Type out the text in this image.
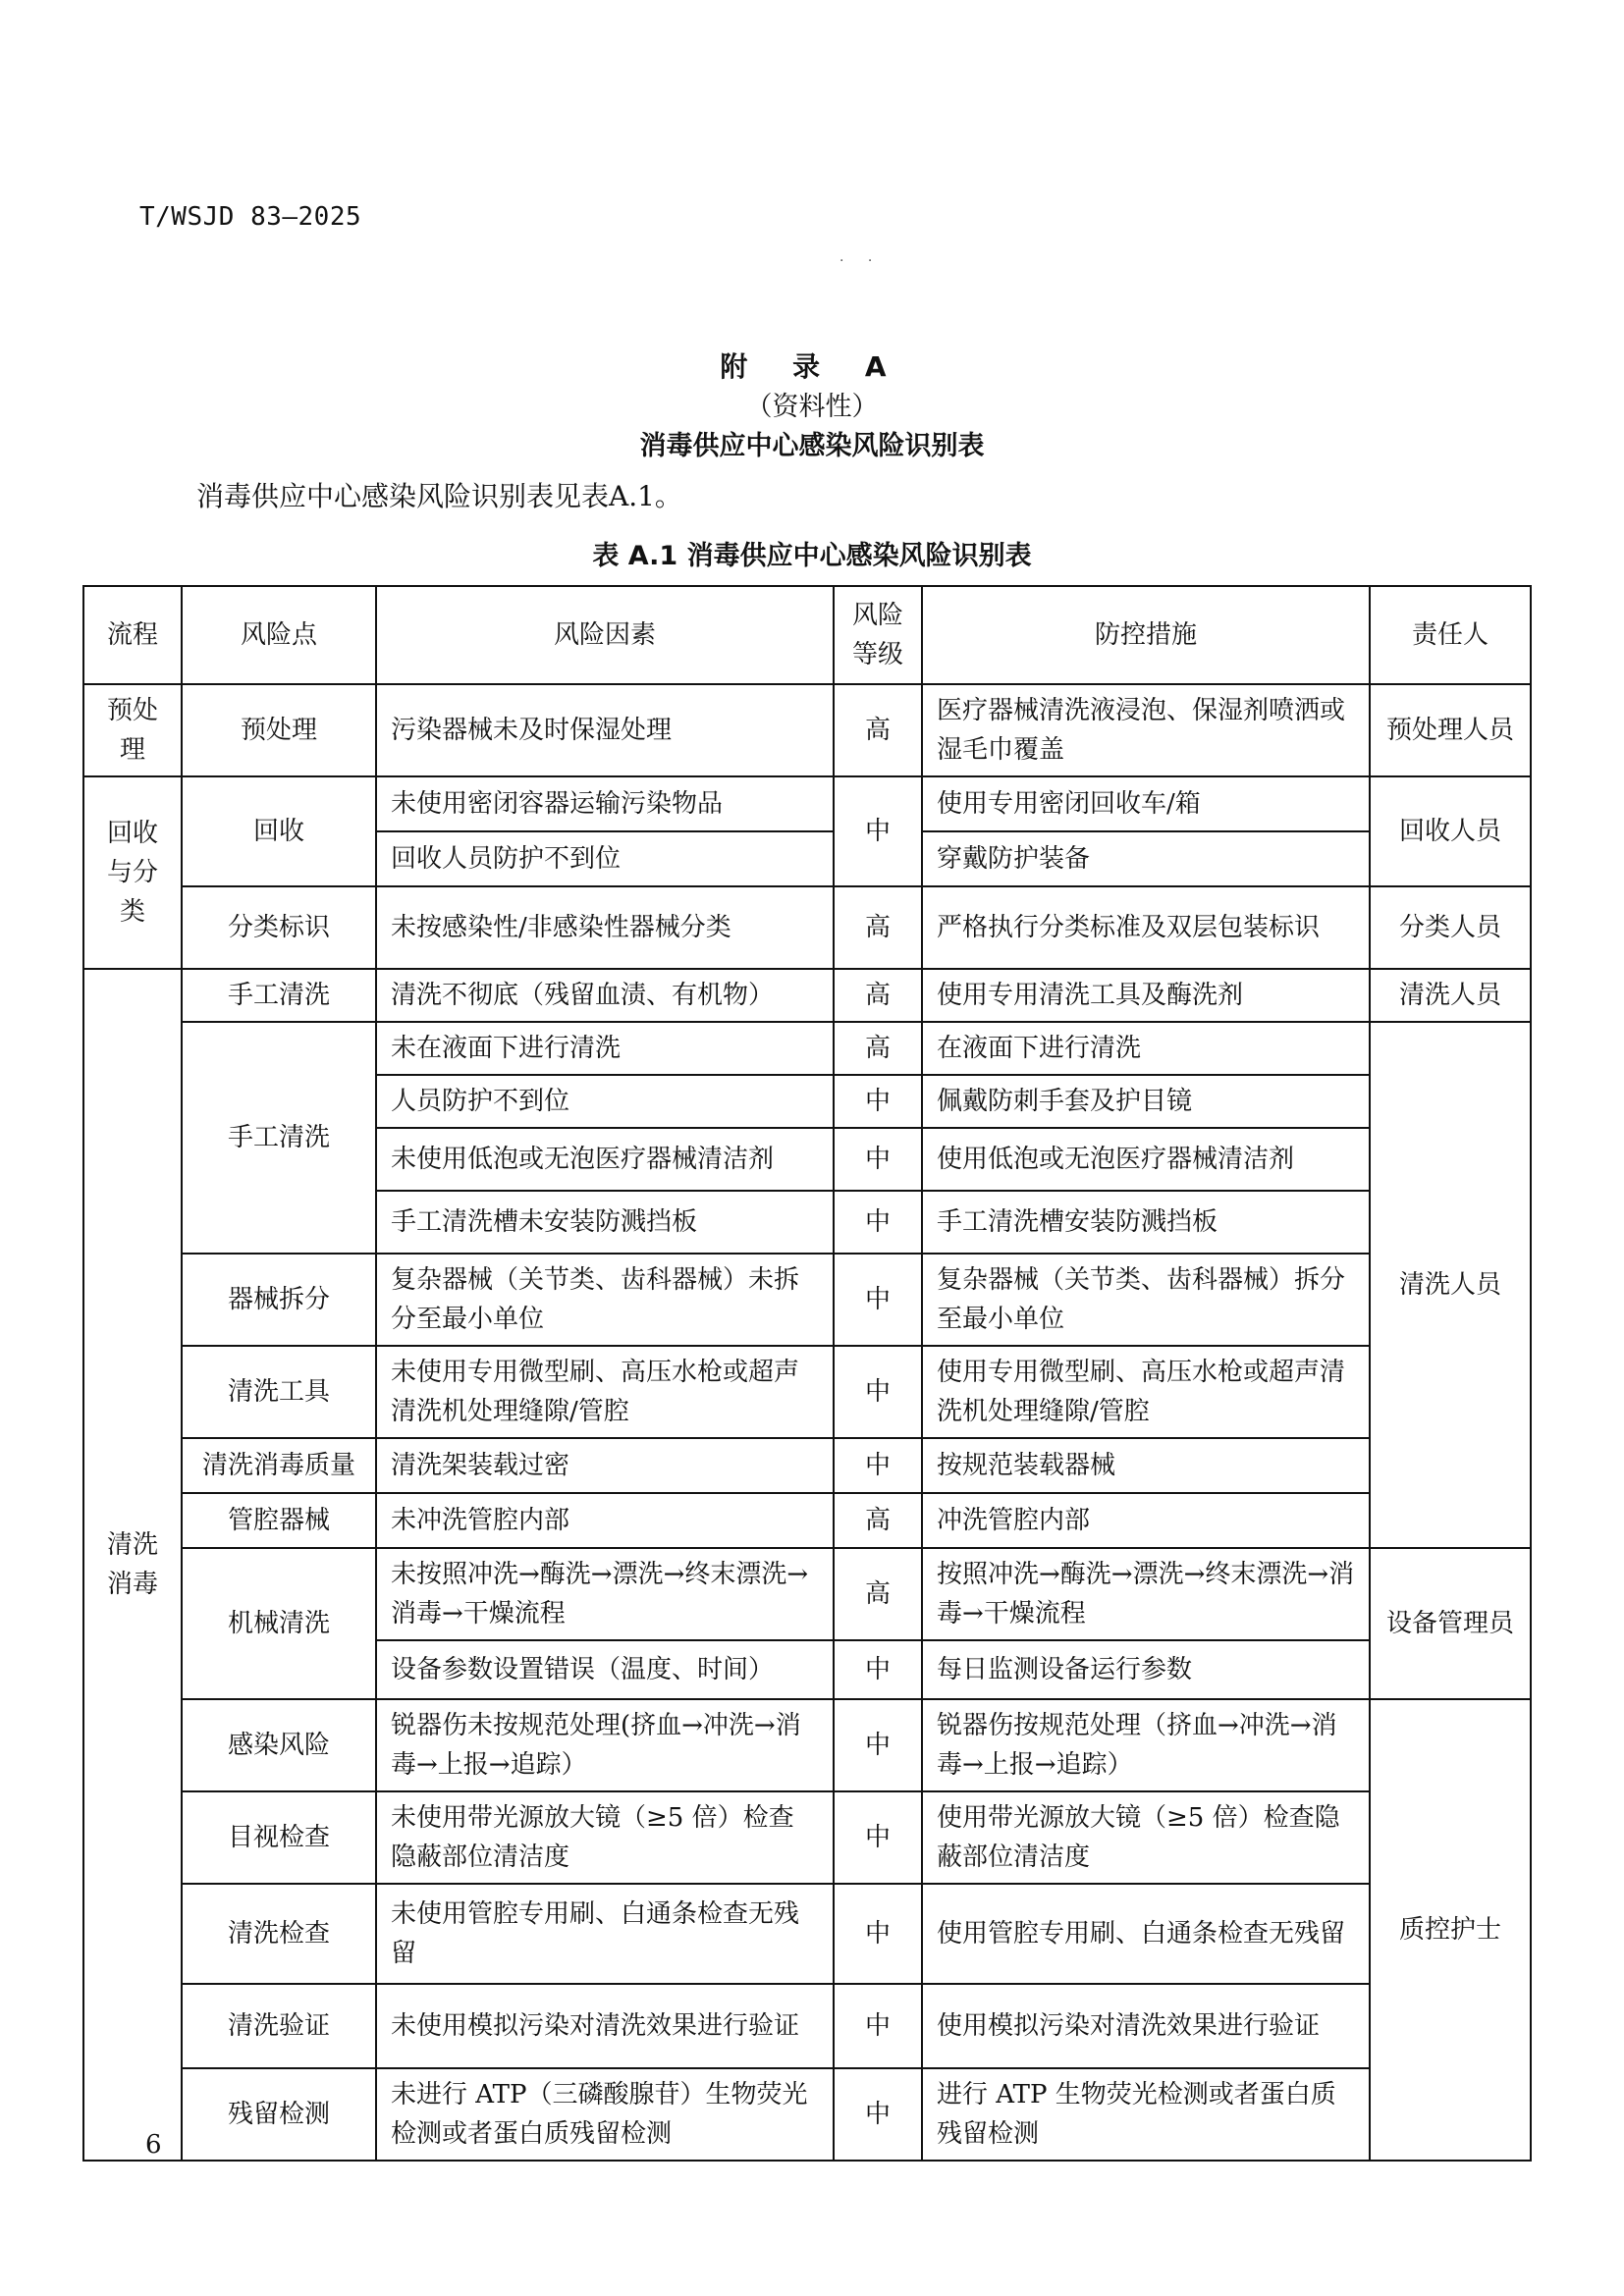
T/WSJD 83—2025
· ·
附 录 A
（资料性）
消毒供应中心感染风险识别表
消毒供应中心感染风险识别表见表A.1。
表 A.1 消毒供应中心感染风险识别表
流程	风险点	风险因素	风险等级	防控措施	责任人
预处理	预处理	污染器械未及时保湿处理	高	医疗器械清洗液浸泡、保湿剂喷洒或湿毛巾覆盖	预处理人员
回收与分类	回收	未使用密闭容器运输污染物品	中	使用专用密闭回收车/箱	回收人员
		回收人员防护不到位		穿戴防护装备	
	分类标识	未按感染性/非感染性器械分类	高	严格执行分类标准及双层包装标识	分类人员
清洗消毒	手工清洗	清洗不彻底（残留血渍、有机物）	高	使用专用清洗工具及酶洗剂	清洗人员
	手工清洗	未在液面下进行清洗	高	在液面下进行清洗	清洗人员
		人员防护不到位	中	佩戴防刺手套及护目镜	
		未使用低泡或无泡医疗器械清洁剂	中	使用低泡或无泡医疗器械清洁剂	
		手工清洗槽未安装防溅挡板	中	手工清洗槽安装防溅挡板	
	器械拆分	复杂器械（关节类、齿科器械）未拆分至最小单位	中	复杂器械（关节类、齿科器械）拆分至最小单位	
	清洗工具	未使用专用微型刷、高压水枪或超声清洗机处理缝隙/管腔	中	使用专用微型刷、高压水枪或超声清洗机处理缝隙/管腔	
	清洗消毒质量	清洗架装载过密	中	按规范装载器械	
	管腔器械	未冲洗管腔内部	高	冲洗管腔内部	
	机械清洗	未按照冲洗→酶洗→漂洗→终末漂洗→消毒→干燥流程	高	按照冲洗→酶洗→漂洗→终末漂洗→消毒→干燥流程	设备管理员
		设备参数设置错误（温度、时间）	中	每日监测设备运行参数	
	感染风险	锐器伤未按规范处理(挤血→冲洗→消毒→上报→追踪）	中	锐器伤按规范处理（挤血→冲洗→消毒→上报→追踪）	质控护士
	目视检查	未使用带光源放大镜（≥5 倍）检查隐蔽部位清洁度	中	使用带光源放大镜（≥5 倍）检查隐蔽部位清洁度	
	清洗检查	未使用管腔专用刷、白通条检查无残留	中	使用管腔专用刷、白通条检查无残留	
	清洗验证	未使用模拟污染对清洗效果进行验证	中	使用模拟污染对清洗效果进行验证	
	残留检测	未进行 ATP（三磷酸腺苷）生物荧光检测或者蛋白质残留检测	中	进行 ATP 生物荧光检测或者蛋白质残留检测	
6
